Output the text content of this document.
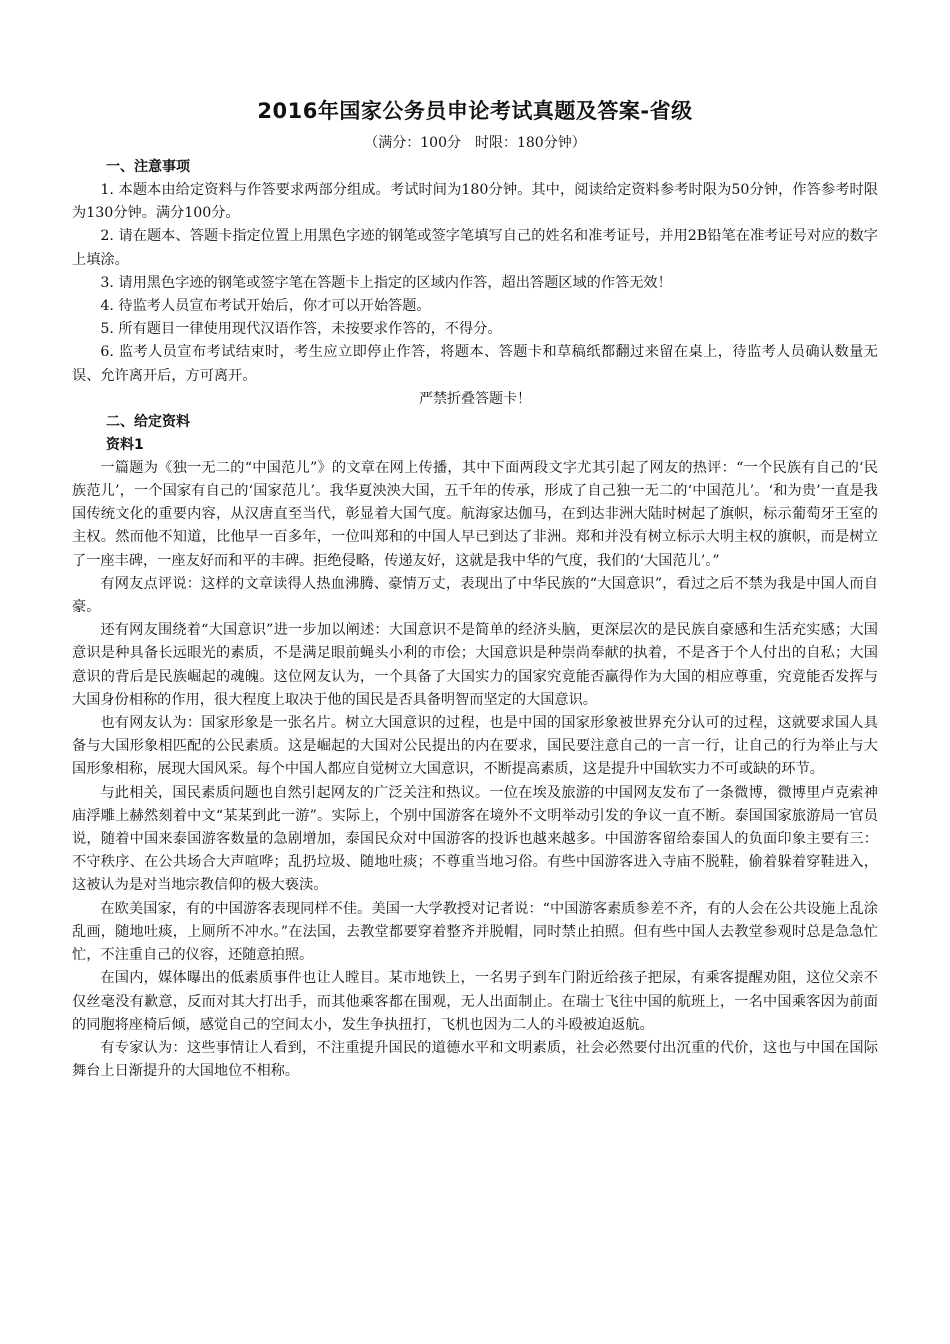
2016年国家公务员申论考试真题及答案-省级

（满分：100分　时限：180分钟）

一、注意事项

1. 本题本由给定资料与作答要求两部分组成。考试时间为180分钟。其中，阅读给定资料参考时限为50分钟，作答参考时限为130分钟。满分100分。

2. 请在题本、答题卡指定位置上用黑色字迹的钢笔或签字笔填写自己的姓名和准考证号，并用2B铅笔在准考证号对应的数字上填涂。

3. 请用黑色字迹的钢笔或签字笔在答题卡上指定的区域内作答，超出答题区域的作答无效！

4. 待监考人员宣布考试开始后，你才可以开始答题。

5. 所有题目一律使用现代汉语作答，未按要求作答的，不得分。

6. 监考人员宣布考试结束时，考生应立即停止作答，将题本、答题卡和草稿纸都翻过来留在桌上，待监考人员确认数量无误、允许离开后，方可离开。

严禁折叠答题卡！

二、给定资料

资料1

一篇题为《独一无二的“中国范儿”》的文章在网上传播，其中下面两段文字尤其引起了网友的热评：“一个民族有自己的‘民族范儿’，一个国家有自己的‘国家范儿’。我华夏泱泱大国，五千年的传承，形成了自己独一无二的‘中国范儿’。‘和为贵’一直是我国传统文化的重要内容，从汉唐直至当代，彰显着大国气度。航海家达伽马，在到达非洲大陆时树起了旗帜，标示葡萄牙王室的主权。然而他不知道，比他早一百多年，一位叫郑和的中国人早已到达了非洲。郑和并没有树立标示大明主权的旗帜，而是树立了一座丰碑，一座友好而和平的丰碑。拒绝侵略，传递友好，这就是我中华的气度，我们的‘大国范儿’。”

有网友点评说：这样的文章读得人热血沸腾、豪情万丈，表现出了中华民族的“大国意识”，看过之后不禁为我是中国人而自豪。

还有网友围绕着“大国意识”进一步加以阐述：大国意识不是简单的经济头脑，更深层次的是民族自豪感和生活充实感；大国意识是种具备长远眼光的素质，不是满足眼前蝇头小利的市侩；大国意识是种崇尚奉献的执着，不是吝于个人付出的自私；大国意识的背后是民族崛起的魂魄。这位网友认为，一个具备了大国实力的国家究竟能否赢得作为大国的相应尊重，究竟能否发挥与大国身份相称的作用，很大程度上取决于他的国民是否具备明智而坚定的大国意识。

也有网友认为：国家形象是一张名片。树立大国意识的过程，也是中国的国家形象被世界充分认可的过程，这就要求国人具备与大国形象相匹配的公民素质。这是崛起的大国对公民提出的内在要求，国民要注意自己的一言一行，让自己的行为举止与大国形象相称，展现大国风采。每个中国人都应自觉树立大国意识，不断提高素质，这是提升中国软实力不可或缺的环节。

与此相关，国民素质问题也自然引起网友的广泛关注和热议。一位在埃及旅游的中国网友发布了一条微博，微博里卢克索神庙浮雕上赫然刻着中文“某某到此一游”。实际上，个别中国游客在境外不文明举动引发的争议一直不断。泰国国家旅游局一官员说，随着中国来泰国游客数量的急剧增加，泰国民众对中国游客的投诉也越来越多。中国游客留给泰国人的负面印象主要有三：不守秩序、在公共场合大声喧哗；乱扔垃圾、随地吐痰；不尊重当地习俗。有些中国游客进入寺庙不脱鞋，偷着躲着穿鞋进入，这被认为是对当地宗教信仰的极大亵渎。

在欧美国家，有的中国游客表现同样不佳。美国一大学教授对记者说：“中国游客素质参差不齐，有的人会在公共设施上乱涂乱画，随地吐痰，上厕所不冲水。”在法国，去教堂都要穿着整齐并脱帽，同时禁止拍照。但有些中国人去教堂参观时总是急急忙忙，不注重自己的仪容，还随意拍照。

在国内，媒体曝出的低素质事件也让人瞠目。某市地铁上，一名男子到车门附近给孩子把尿，有乘客提醒劝阻，这位父亲不仅丝毫没有歉意，反而对其大打出手，而其他乘客都在围观，无人出面制止。在瑞士飞往中国的航班上，一名中国乘客因为前面的同胞将座椅后倾，感觉自己的空间太小，发生争执扭打，飞机也因为二人的斗殴被迫返航。

有专家认为：这些事情让人看到，不注重提升国民的道德水平和文明素质，社会必然要付出沉重的代价，这也与中国在国际舞台上日渐提升的大国地位不相称。
